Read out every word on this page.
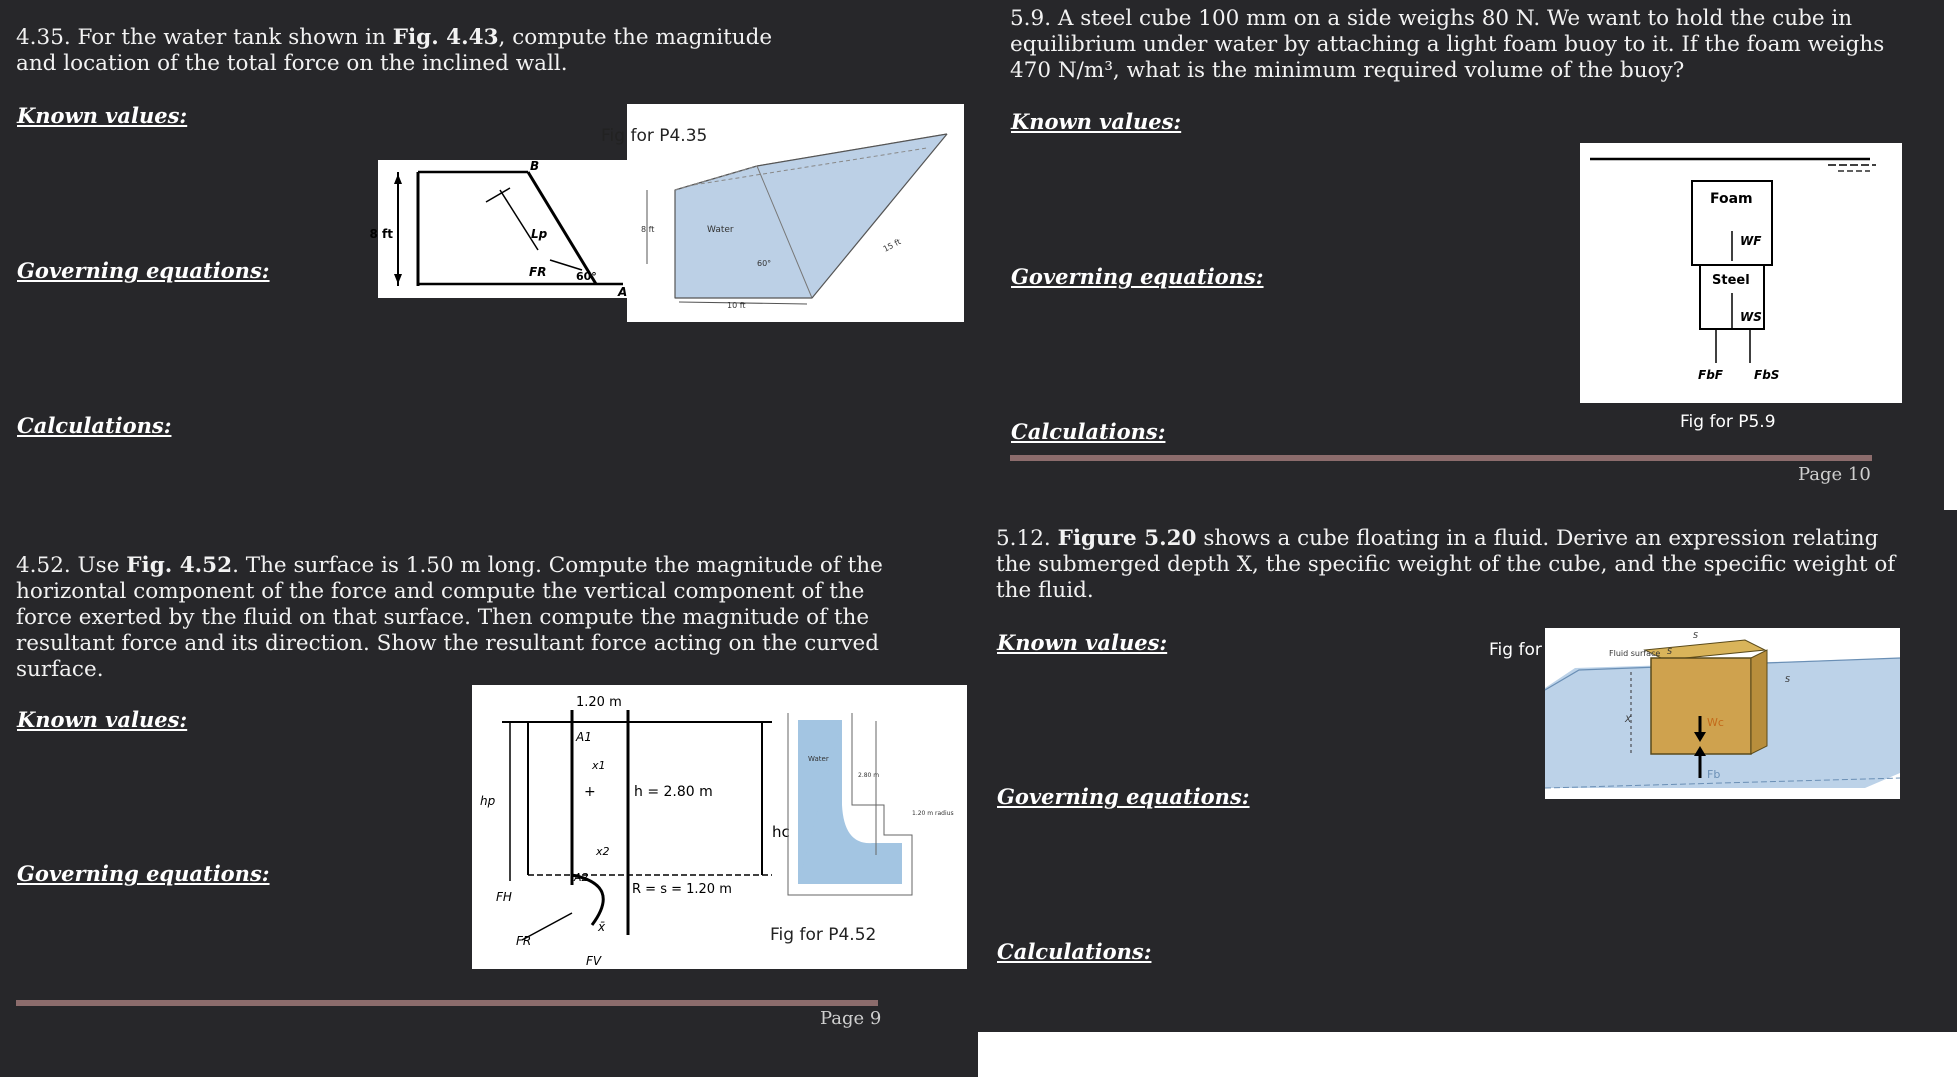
4.35. For the water tank shown in Fig. 4.43, compute the magnitude and location of the total force on the inclined wall.
Known values:
Governing equations:
Calculations:
8 ft
B
Lp
FR	60°
A
Fig for P4.35
8 ft	Water
60°
15 ft
10 ft
4.52. Use Fig. 4.52. The surface is 1.50 m long. Compute the magnitude of the horizontal component of the force and compute the vertical component of the force exerted by the fluid on that surface. Then compute the magnitude of the resultant force and its direction. Show the resultant force acting on the curved surface.
Known values:
Governing equations:
hp
1.20 m
A1
x1
+	h = 2.80 m
x2
A2
R = s = 1.20 m
FH
FR
x̄
FV
hc
Water
2.80 m
1.20 m radius
Fig for P4.52
Page 9
5.9. A steel cube 100 mm on a side weighs 80 N. We want to hold the cube in equilibrium under water by attaching a light foam buoy to it. If the foam weighs 470 N/m³, what is the minimum required volume of the buoy?
Known values:
Governing equations:
Calculations:
Foam
WF
Steel
WS
FbF	FbS
Fig for P5.9
Page 10
5.12. Figure 5.20 shows a cube floating in a fluid. Derive an expression relating the submerged depth X, the specific weight of the cube, and the specific weight of the fluid.
Known values:
Governing equations:
Calculations:
Fig for	Fluid surface
X
S
S
S
Wc
Fb
